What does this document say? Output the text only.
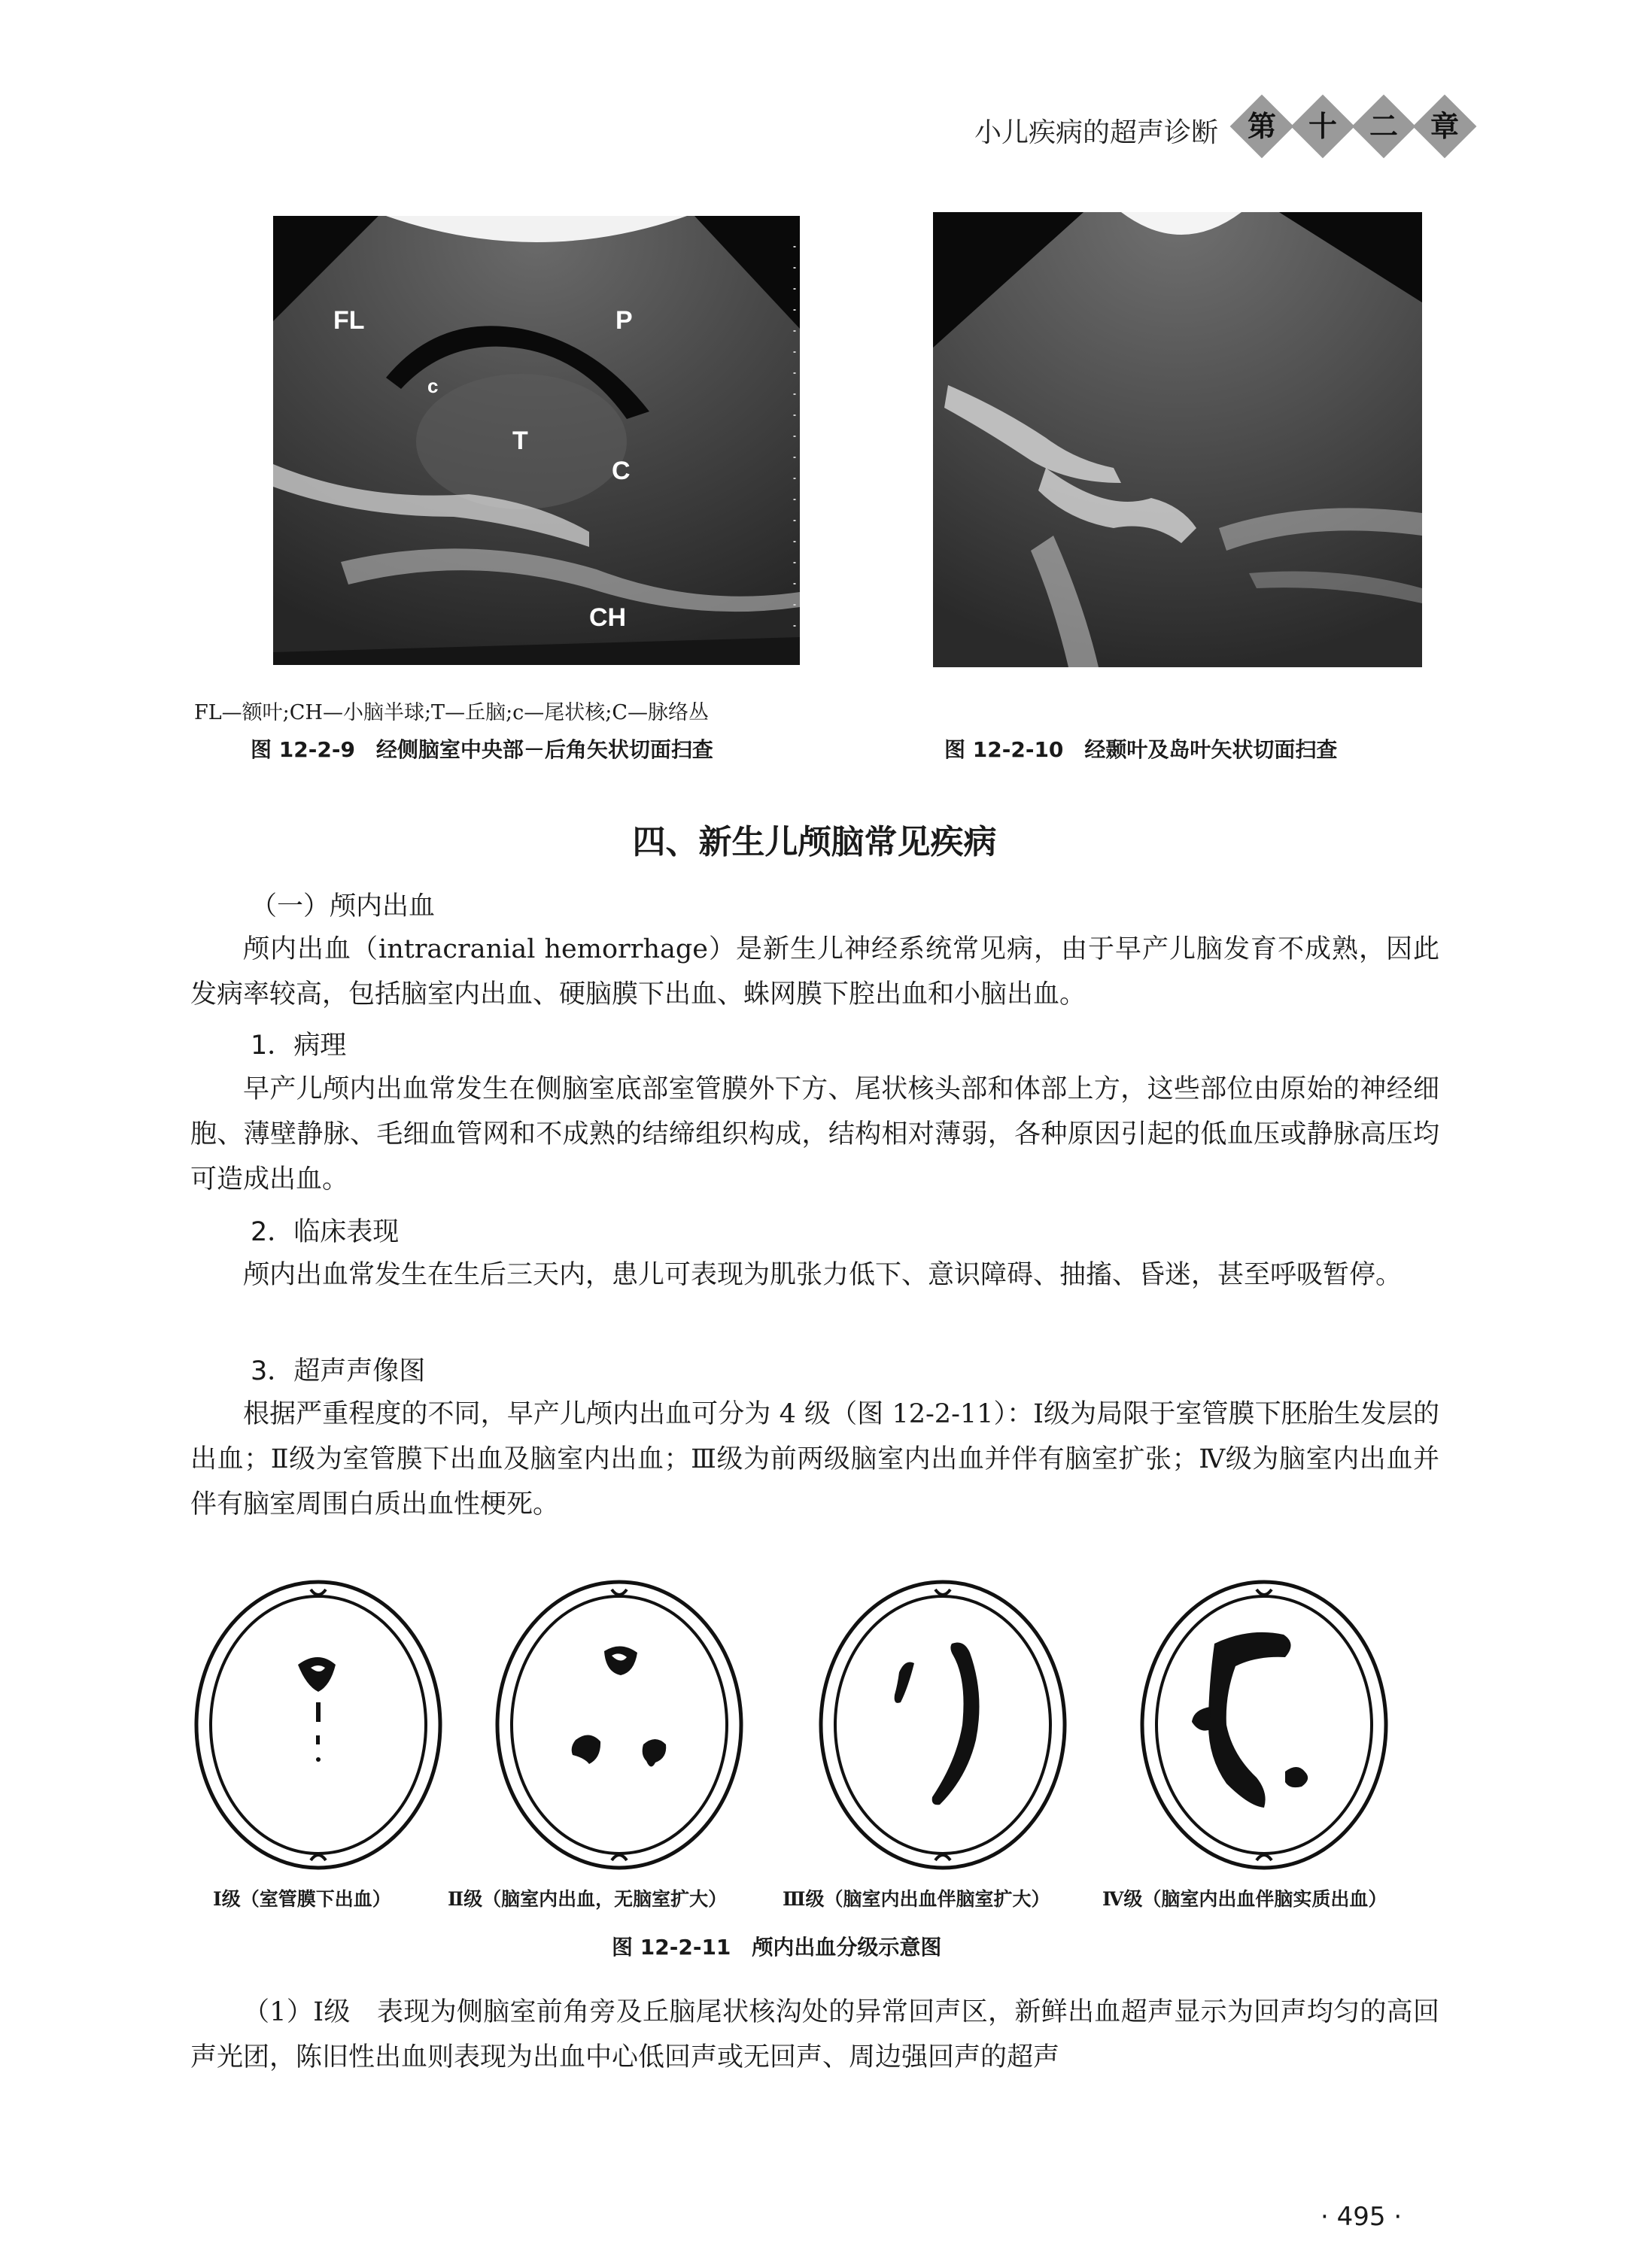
小儿疾病的超声诊断	第	十	二	章
FL	P
c
T
C
CH
FL—额叶;CH—小脑半球;T—丘脑;c—尾状核;C—脉络丛
图 12-2-9　经侧脑室中央部－后角矢状切面扫查	图 12-2-10　经颞叶及岛叶矢状切面扫查
四、新生儿颅脑常见疾病
（一）颅内出血
颅内出血（intracranial hemorrhage）是新生儿神经系统常见病，由于早产儿脑发育不成熟，因此发病率较高，包括脑室内出血、硬脑膜下出血、蛛网膜下腔出血和小脑出血。
1．病理
早产儿颅内出血常发生在侧脑室底部室管膜外下方、尾状核头部和体部上方，这些部位由原始的神经细胞、薄壁静脉、毛细血管网和不成熟的结缔组织构成，结构相对薄弱，各种原因引起的低血压或静脉高压均可造成出血。
2．临床表现
颅内出血常发生在生后三天内，患儿可表现为肌张力低下、意识障碍、抽搐、昏迷，甚至呼吸暂停。
3．超声声像图
根据严重程度的不同，早产儿颅内出血可分为 4 级（图 12-2-11）：Ⅰ级为局限于室管膜下胚胎生发层的出血；Ⅱ级为室管膜下出血及脑室内出血；Ⅲ级为前两级脑室内出血并伴有脑室扩张；Ⅳ级为脑室内出血并伴有脑室周围白质出血性梗死。
Ⅰ级（室管膜下出血）	Ⅱ级（脑室内出血，无脑室扩大）	Ⅲ级（脑室内出血伴脑室扩大）	Ⅳ级（脑室内出血伴脑实质出血）
图 12-2-11　颅内出血分级示意图
（1）Ⅰ级　表现为侧脑室前角旁及丘脑尾状核沟处的异常回声区，新鲜出血超声显示为回声均匀的高回声光团，陈旧性出血则表现为出血中心低回声或无回声、周边强回声的超声
· 495 ·
